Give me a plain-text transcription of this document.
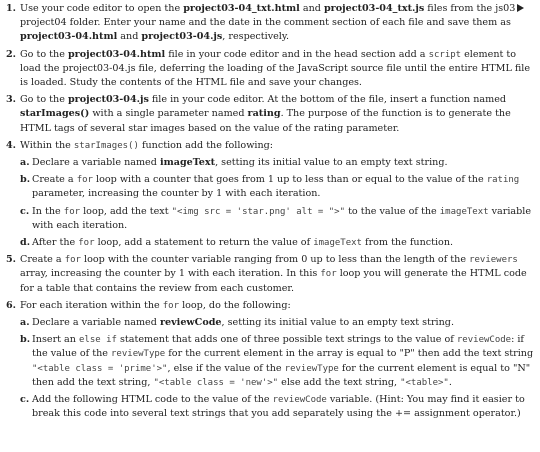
1. Use your code editor to open the project03-04_txt.html and project03-04_txt.js files from the js03 project04 folder. Enter your name and the date in the comment section of each file and save them as project03-04.html and project03-04.js, respectively.
2. Go to the project03-04.html file in your code editor and in the head section add a script element to load the project03-04.js file, deferring the loading of the JavaScript source file until the entire HTML file is loaded. Study the contents of the HTML file and save your changes.
3. Go to the project03-04.js file in your code editor. At the bottom of the file, insert a function named starImages() with a single parameter named rating. The purpose of the function is to generate the HTML tags of several star images based on the value of the rating parameter.
4. Within the starImages() function add the following:
a. Declare a variable named imageText, setting its initial value to an empty text string.
b. Create a for loop with a counter that goes from 1 up to less than or equal to the value of the rating parameter, increasing the counter by 1 with each iteration.
c. In the for loop, add the text "<img src = 'star.png' alt = ">" to the value of the imageText variable with each iteration.
d. After the for loop, add a statement to return the value of imageText from the function.
5. Create a for loop with the counter variable ranging from 0 up to less than the length of the reviewers array, increasing the counter by 1 with each iteration. In this for loop you will generate the HTML code for a table that contains the review from each customer.
6. For each iteration within the for loop, do the following:
a. Declare a variable named reviewCode, setting its initial value to an empty text string.
b. Insert an else if statement that adds one of three possible text strings to the value of reviewCode: if the value of the reviewType for the current element in the array is equal to "P" then add the text string "<table class = 'prime'>", else if the value of the reviewType for the current element is equal to "N" then add the text string, "<table class = 'new'>" else add the text string, "<table>".
c. Add the following HTML code to the value of the reviewCode variable. (Hint: You may find it easier to break this code into several text strings that you add separately using the += assignment operator.)
